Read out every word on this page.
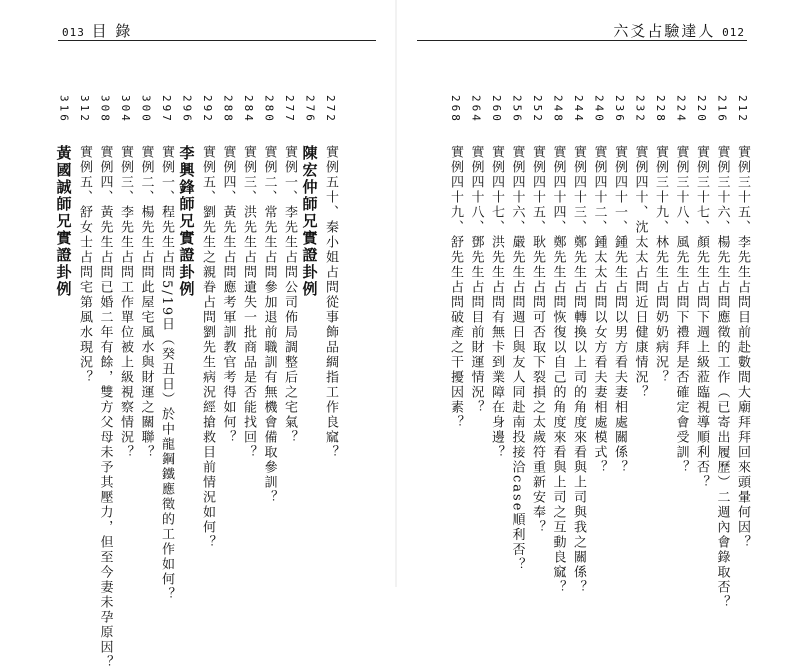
013 目 錄
272
實例五十、秦小姐占問從事飾品綢指工作良窳？
276
陳宏仲師兄實證卦例
277
實例一、李先生占問公司佈局調整后之宅氣？
280
實例二、常先生占問參加退前職訓有無機會備取參訓？
284
實例三、洪先生占問遺失一批商品是否能找回？
288
實例四、黃先生占問應考軍訓教官考得如何？
292
實例五、劉先生之親眷占問劉先生病況經搶救目前情況如何？
296
李興鋒師兄實證卦例
297
實例一、程先生占問5/19日（癸丑日）於中龍鋼鐵應徵的工作如何？
300
實例二、楊先生占問此屋宅風水與財運之關聯？
304
實例三、李先生占問工作單位被上級視察情況？
308
實例四、黃先生占問已婚二年有餘，雙方父母未予其壓力，但至今妻未孕原因？
312
實例五、舒女士占問宅第風水現況？
316
黃國誠師兄實證卦例
六爻占驗達人 012
212
實例三十五、李先生占問目前赴數間大廟拜拜回來頭暈何因？
216
實例三十六、楊先生占問應徵的工作（已寄出履歷）二週內會錄取否？
220
實例三十七、顏先生占問下週上級蒞臨視導順利否？
224
實例三十八、風先生占問下禮拜是否確定會受訓？
228
實例三十九、林先生占問奶奶病況？
232
實例四十、沈太太占問近日健康情況？
236
實例四十一、鍾先生占問以男方看夫妻相處關係？
240
實例四十二、鍾太太占問以女方看夫妻相處模式？
244
實例四十三、鄭先生占問轉換以上司的角度來看與上司與我之關係？
248
實例四十四、鄭先生占問恢復以自己的角度來看與上司之互動良窳？
252
實例四十五、耿先生占問可否取下裂損之太歲符重新安奉？
256
實例四十六、嚴先生占問週日與友人同赴南投接洽case順利否？
260
實例四十七、洪先生占問有無卡到業障在身邊？
264
實例四十八、鄧先生占問目前財運情況？
268
實例四十九、舒先生占問破產之干擾因素？
